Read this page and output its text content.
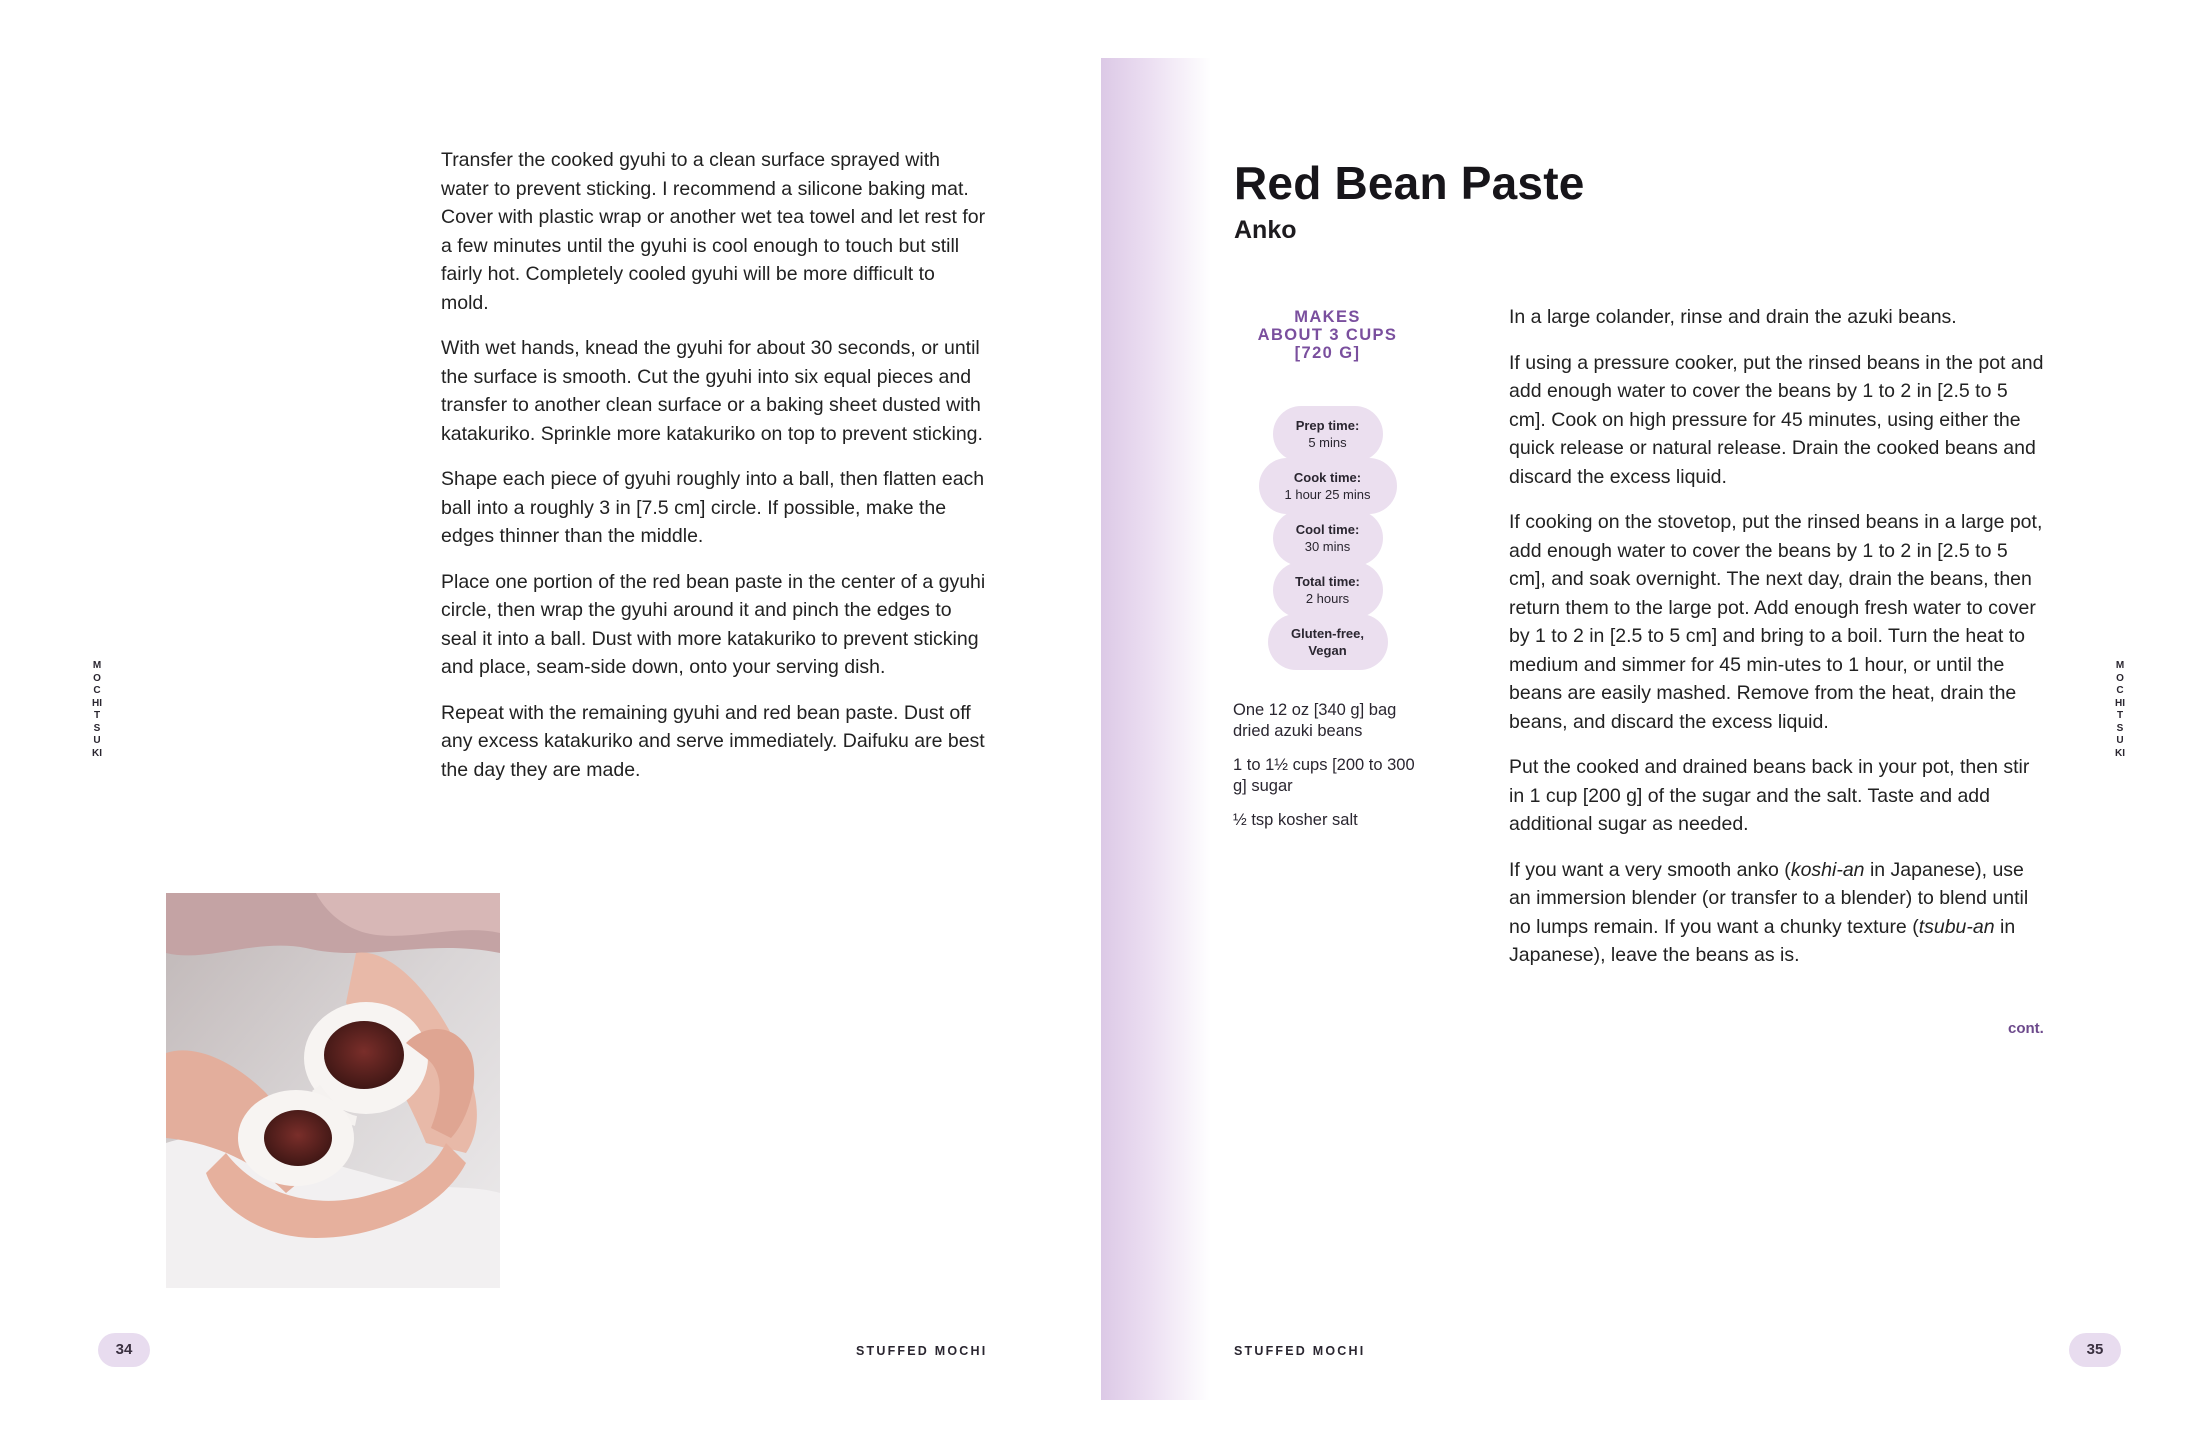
Transfer the cooked gyuhi to a clean surface sprayed with water to prevent sticking. I recommend a silicone baking mat. Cover with plastic wrap or another wet tea towel and let rest for a few minutes until the gyuhi is cool enough to touch but still fairly hot. Completely cooled gyuhi will be more difficult to mold.

With wet hands, knead the gyuhi for about 30 seconds, or until the surface is smooth. Cut the gyuhi into six equal pieces and transfer to another clean surface or a baking sheet dusted with katakuriko. Sprinkle more katakuriko on top to prevent sticking.

Shape each piece of gyuhi roughly into a ball, then flatten each ball into a roughly 3 in [7.5 cm] circle. If possible, make the edges thinner than the middle.

Place one portion of the red bean paste in the center of a gyuhi circle, then wrap the gyuhi around it and pinch the edges to seal it into a ball. Dust with more katakuriko to prevent sticking and place, seam-side down, onto your serving dish.

Repeat with the remaining gyuhi and red bean paste. Dust off any excess katakuriko and serve immediately. Daifuku are best the day they are made.

MOCHITSUKI
34	STUFFED MOCHI
Red Bean Paste
Anko
MAKES
ABOUT 3 CUPS
[720 G]
Prep time:
5 mins
Cook time:
1 hour 25 mins
Cool time:
30 mins
Total time:
2 hours
Gluten-free,
Vegan

One 12 oz [340 g] bag dried azuki beans

1 to 1½ cups [200 to 300 g] sugar

½ tsp kosher salt

In a large colander, rinse and drain the azuki beans.

If using a pressure cooker, put the rinsed beans in the pot and add enough water to cover the beans by 1 to 2 in [2.5 to 5 cm]. Cook on high pressure for 45 minutes, using either the quick release or natural release. Drain the cooked beans and discard the excess liquid.

If cooking on the stovetop, put the rinsed beans in a large pot, add enough water to cover the beans by 1 to 2 in [2.5 to 5 cm], and soak overnight. The next day, drain the beans, then return them to the large pot. Add enough fresh water to cover by 1 to 2 in [2.5 to 5 cm] and bring to a boil. Turn the heat to medium and simmer for 45 min-utes to 1 hour, or until the beans are easily mashed. Remove from the heat, drain the beans, and discard the excess liquid.

Put the cooked and drained beans back in your pot, then stir in 1 cup [200 g] of the sugar and the salt. Taste and add additional sugar as needed.

If you want a very smooth anko (koshi-an in Japanese), use an immersion blender (or transfer to a blender) to blend until no lumps remain. If you want a chunky texture (tsubu-an in Japanese), leave the beans as is.

cont.
MOCHITSUKI
35
STUFFED MOCHI
